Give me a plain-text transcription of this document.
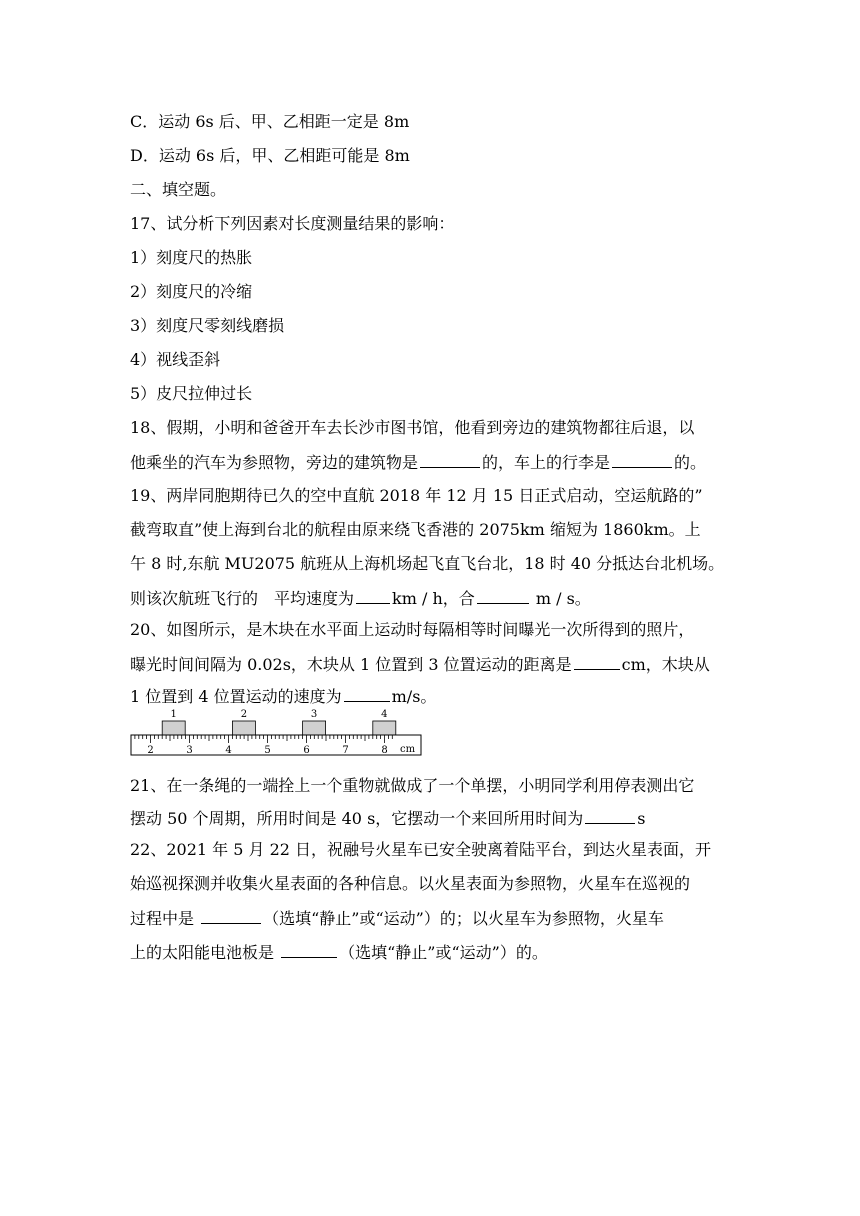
C．运动 6s 后、甲、乙相距一定是 8m
D．运动 6s 后，甲、乙相距可能是 8m
二、填空题。
17、试分析下列因素对长度测量结果的影响：
1）刻度尺的热胀
2）刻度尺的冷缩
3）刻度尺零刻线磨损
4）视线歪斜
5）皮尺拉伸过长
18、假期，小明和爸爸开车去长沙市图书馆，他看到旁边的建筑物都往后退，以
他乘坐的汽车为参照物，旁边的建筑物是	的，车上的行李是	的。
19、两岸同胞期待已久的空中直航 2018 年 12 月 15 日正式启动，空运航路的”
截弯取直”使上海到台北的航程由原来绕飞香港的 2075km 缩短为 1860km。上
午 8 时,东航 MU2075 航班从上海机场起飞直飞台北，18 时 40 分抵达台北机场。
则该次航班飞行的　平均速度为 km / h，合	m / s。
20、如图所示，是木块在水平面上运动时每隔相等时间曝光一次所得到的照片，
曝光时间间隔为 0.02s，木块从 1 位置到 3 位置运动的距离是	cm，木块从
1 位置到 4 位置运动的速度为	m/s。
1	2	3	4
2	3	4	5	6	7	8 cm
21、在一条绳的一端拴上一个重物就做成了一个单摆，小明同学利用停表测出它
摆动 50 个周期，所用时间是 40 s，它摆动一个来回所用时间为	s
22、2021 年 5 月 22 日，祝融号火星车已安全驶离着陆平台，到达火星表面，开
始巡视探测并收集火星表面的各种信息。以火星表面为参照物，火星车在巡视的
过程中是	（选填“静止”或“运动”）的；以火星车为参照物，火星车
上的太阳能电池板是	（选填“静止”或“运动”）的。
